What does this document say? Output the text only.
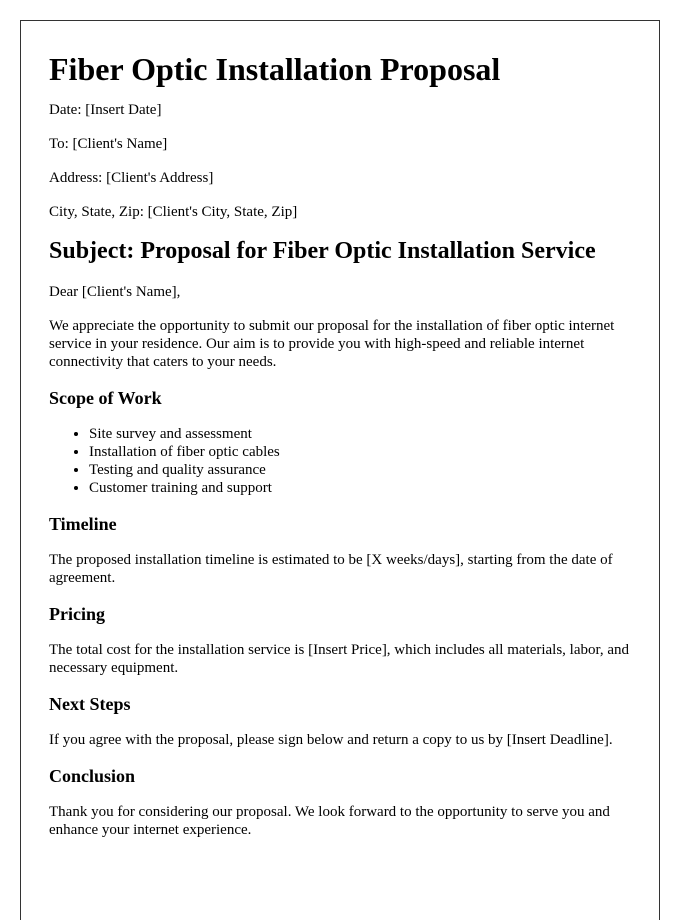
Fiber Optic Installation Proposal

Date: [Insert Date]

To: [Client's Name]

Address: [Client's Address]

City, State, Zip: [Client's City, State, Zip]

Subject: Proposal for Fiber Optic Installation Service

Dear [Client's Name],

We appreciate the opportunity to submit our proposal for the installation of fiber optic internet service in your residence. Our aim is to provide you with high-speed and reliable internet connectivity that caters to your needs.

Scope of Work
• Site survey and assessment
• Installation of fiber optic cables
• Testing and quality assurance
• Customer training and support
Timeline

The proposed installation timeline is estimated to be [X weeks/days], starting from the date of agreement.

Pricing

The total cost for the installation service is [Insert Price], which includes all materials, labor, and necessary equipment.

Next Steps

If you agree with the proposal, please sign below and return a copy to us by [Insert Deadline].

Conclusion

Thank you for considering our proposal. We look forward to the opportunity to serve you and enhance your internet experience.
